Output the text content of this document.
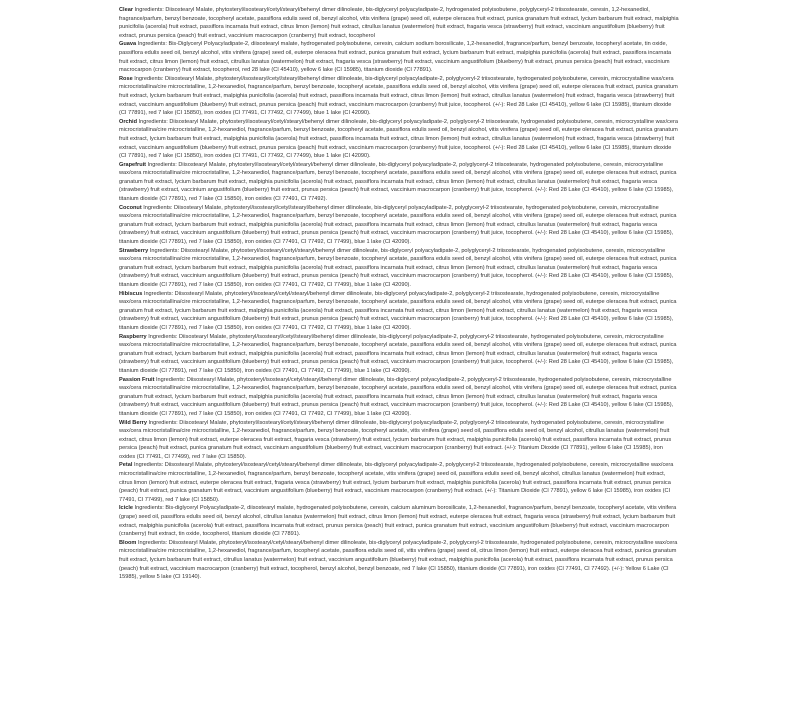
Clear Ingredients: Diisostearyl Malate, phytosteryl/isostearyl/cetyl/stearyl/behenyl dimer dilinoleate, bis-diglyceryl polyacyladipate-2, hydrogenated polyisobutene, polyglyceryl-2 triisostearate, ceresin, 1,2-hexanediol, fragrance/parfum, benzyl benzoate, tocopheryl acetate, passiflora edulis seed oil, benzyl alcohol, vitis vinifera (grape) seed oil, euterpe oleracea fruit extract, punica granatum fruit extract, lycium barbarum fruit extract, malpighia punicifolia (acerola) fruit extract, passiflora incarnata fruit extract, citrus limon (lemon) fruit extract, citrullus lanatus (watermelon) fruit extract, fragaria vesca (strawberry) fruit extract, vaccinium angustifolium (blueberry) fruit extract, prunus persica (peach) fruit extract, vaccinium macrocarpon (cranberry) fruit extract, tocopherol

Guava Ingredients: Bis-Diglyceryl Polyacyladipate-2, diisostearyl malate, hydrogenated polyisobutene, ceresin, calcium sodium borosilicate, 1,2-hexanediol, fragrance/parfum, benzyl benzoate, tocopheryl acetate, tin oxide, passiflora edulis seed oil, benzyl alcohol, vitis vinifera (grape) seed oil, euterpe oleracea fruit extract, punica granatum fruit extract, lycium barbarum fruit extract, malpighia punicifolia (acerola) fruit extract, passiflora incarnata fruit extract, citrus limon (lemon) fruit extract, citrullus lanatus (watermelon) fruit extract, fragaria vesca (strawberry) fruit extract, vaccinium angustifolium (blueberry) fruit extract, prunus persica (peach) fruit extract, vaccinium macrocarpon (cranberry) fruit extract, tocopherol, red 28 lake (CI 45410), yellow 6 lake (CI 15985), titanium dioxide (CI 77891).

Rose Ingredients: Diisostearyl Malate, phytosteryl/isostearyl/cetyl/stearyl/behenyl dimer dilinoleate, bis-diglyceryl polyacyladipate-2, polyglyceryl-2 triisostearate, hydrogenated polyisobutene, ceresin, microcrystalline wax/cera microcristallina/cire microcristalline, 1,2-hexanediol, fragrance/parfum, benzyl benzoate, tocopheryl acetate, passiflora edulis seed oil, benzyl alcohol, vitis vinifera (grape) seed oil, euterpe oleracea fruit extract, punica granatum fruit extract, lycium barbarum fruit extract, malpighia punicifolia (acerola) fruit extract, passiflora incarnata fruit extract, citrus limon (lemon) fruit extract, citrullus lanatus (watermelon) fruit extract, fragaria vesca (strawberry) fruit extract, vaccinium angustifolium (blueberry) fruit extract, prunus persica (peach) fruit extract, vaccinium macrocarpon (cranberry) fruit juice, tocopherol. (+/-): Red 28 Lake (CI 45410), yellow 6 lake (CI 15985), titanium dioxide (CI 77891), red 7 lake (CI 15850), iron oxides (CI 77491, CI 77492, CI 77499), blue 1 lake (CI 42090).

Orchid Ingredients: Diisostearyl Malate, phytosteryl/isostearyl/cetyl/stearyl/behenyl dimer dilinoleate, bis-diglyceryl polyacyladipate-2, polyglyceryl-2 triisostearate, hydrogenated polyisobutene, ceresin, microcrystalline wax/cera microcristallina/cire microcristalline, 1,2-hexanediol, fragrance/parfum, benzyl benzoate, tocopheryl acetate, passiflora edulis seed oil, benzyl alcohol, vitis vinifera (grape) seed oil, euterpe oleracea fruit extract, punica granatum fruit extract, lycium barbarum fruit extract, malpighia punicifolia (acerola) fruit extract, passiflora incarnata fruit extract, citrus limon (lemon) fruit extract, citrullus lanatus (watermelon) fruit extract, fragaria vesca (strawberry) fruit extract, vaccinium angustifolium (blueberry) fruit extract, prunus persica (peach) fruit extract, vaccinium macrocarpon (cranberry) fruit juice, tocopherol. (+/-): Red 28 Lake (CI 45410), yellow 6 lake (CI 15985), titanium dioxide (CI 77891), red 7 lake (CI 15850), iron oxides (CI 77491, CI 77492, CI 77499), blue 1 lake (CI 42090).

Grapefruit Ingredients: Diisostearyl Malate, phytosteryl/isostearyl/cetyl/stearyl/behenyl dimer dilinoleate, bis-diglyceryl polyacyladipate-2, polyglyceryl-2 triisostearate, hydrogenated polyisobutene, ceresin, microcrystalline wax/cera microcristallina/cire microcristalline, 1,2-hexanediol, fragrance/parfum, benzyl benzoate, tocopheryl acetate, passiflora edulis seed oil, benzyl alcohol, vitis vinifera (grape) seed oil, euterpe oleracea fruit extract, punica granatum fruit extract, lycium barbarum fruit extract, malpighia punicifolia (acerola) fruit extract, passiflora incarnata fruit extract, citrus limon (lemon) fruit extract, citrullus lanatus (watermelon) fruit extract, fragaria vesca (strawberry) fruit extract, vaccinium angustifolium (blueberry) fruit extract, prunus persica (peach) fruit extract, vaccinium macrocarpon (cranberry) fruit juice, tocopherol. (+/-): Red 28 Lake (CI 45410), yellow 6 lake (CI 15985), titanium dioxide (CI 77891), red 7 lake (CI 15850), iron oxides (CI 77491, CI 77492).

Coconut Ingredients: Diisostearyl Malate, phytosteryl/isostearyl/cetyl/stearyl/behenyl dimer dilinoleate, bis-diglyceryl polyacyladipate-2, polyglyceryl-2 triisostearate, hydrogenated polyisobutene, ceresin, microcrystalline wax/cera microcristallina/cire microcristalline, 1,2-hexanediol, fragrance/parfum, benzyl benzoate, tocopheryl acetate, passiflora edulis seed oil, benzyl alcohol, vitis vinifera (grape) seed oil, euterpe oleracea fruit extract, punica granatum fruit extract, lycium barbarum fruit extract, malpighia punicifolia (acerola) fruit extract, passiflora incarnata fruit extract, citrus limon (lemon) fruit extract, citrullus lanatus (watermelon) fruit extract, fragaria vesca (strawberry) fruit extract, vaccinium angustifolium (blueberry) fruit extract, prunus persica (peach) fruit extract, vaccinium macrocarpon (cranberry) fruit juice, tocopherol. (+/-): Red 28 Lake (CI 45410), yellow 6 lake (CI 15985), titanium dioxide (CI 77891), red 7 lake (CI 15850), iron oxides (CI 77491, CI 77492, CI 77499), blue 1 lake (CI 42090).

Strawberry Ingredients: Diisostearyl Malate, phytosteryl/isostearyl/cetyl/stearyl/behenyl dimer dilinoleate, bis-diglyceryl polyacyladipate-2, polyglyceryl-2 triisostearate, hydrogenated polyisobutene, ceresin, microcrystalline wax/cera microcristallina/cire microcristalline, 1,2-hexanediol, fragrance/parfum, benzyl benzoate, tocopheryl acetate, passiflora edulis seed oil, benzyl alcohol, vitis vinifera (grape) seed oil, euterpe oleracea fruit extract, punica granatum fruit extract, lycium barbarum fruit extract, malpighia punicifolia (acerola) fruit extract, passiflora incarnata fruit extract, citrus limon (lemon) fruit extract, citrullus lanatus (watermelon) fruit extract, fragaria vesca (strawberry) fruit extract, vaccinium angustifolium (blueberry) fruit extract, prunus persica (peach) fruit extract, vaccinium macrocarpon (cranberry) fruit juice, tocopherol. (+/-): Red 28 Lake (CI 45410), yellow 6 lake (CI 15985), titanium dioxide (CI 77891), red 7 lake (CI 15850), iron oxides (CI 77491, CI 77492, CI 77499), blue 1 lake (CI 42090).

Hibiscus Ingredients: Diisostearyl Malate, phytosteryl/isostearyl/cetyl/stearyl/behenyl dimer dilinoleate, bis-diglyceryl polyacyladipate-2, polyglyceryl-2 triisostearate, hydrogenated polyisobutene, ceresin, microcrystalline wax/cera microcristallina/cire microcristalline, 1,2-hexanediol, fragrance/parfum, benzyl benzoate, tocopheryl acetate, passiflora edulis seed oil, benzyl alcohol, vitis vinifera (grape) seed oil, euterpe oleracea fruit extract, punica granatum fruit extract, lycium barbarum fruit extract, malpighia punicifolia (acerola) fruit extract, passiflora incarnata fruit extract, citrus limon (lemon) fruit extract, citrullus lanatus (watermelon) fruit extract, fragaria vesca (strawberry) fruit extract, vaccinium angustifolium (blueberry) fruit extract, prunus persica (peach) fruit extract, vaccinium macrocarpon (cranberry) fruit juice, tocopherol. (+/-): Red 28 Lake (CI 45410), yellow 6 lake (CI 15985), titanium dioxide (CI 77891), red 7 lake (CI 15850), iron oxides (CI 77491, CI 77492, CI 77499), blue 1 lake (CI 42090).

Raspberry Ingredients: Diisostearyl Malate, phytosteryl/isostearyl/cetyl/stearyl/behenyl dimer dilinoleate, bis-diglyceryl polyacyladipate-2, polyglyceryl-2 triisostearate, hydrogenated polyisobutene, ceresin, microcrystalline wax/cera microcristallina/cire microcristalline, 1,2-hexanediol, fragrance/parfum, benzyl benzoate, tocopheryl acetate, passiflora edulis seed oil, benzyl alcohol, vitis vinifera (grape) seed oil, euterpe oleracea fruit extract, punica granatum fruit extract, lycium barbarum fruit extract, malpighia punicifolia (acerola) fruit extract, passiflora incarnata fruit extract, citrus limon (lemon) fruit extract, citrullus lanatus (watermelon) fruit extract, fragaria vesca (strawberry) fruit extract, vaccinium angustifolium (blueberry) fruit extract, prunus persica (peach) fruit extract, vaccinium macrocarpon (cranberry) fruit juice, tocopherol. (+/-): Red 28 Lake (CI 45410), yellow 6 lake (CI 15985), titanium dioxide (CI 77891), red 7 lake (CI 15850), iron oxides (CI 77491, CI 77492, CI 77499), blue 1 lake (CI 42090).

Passion Fruit Ingredients: Diisostearyl Malate, phytosteryl/isostearyl/cetyl/stearyl/behenyl dimer dilinoleate, bis-diglyceryl polyacyladipate-2, polyglyceryl-2 triisostearate, hydrogenated polyisobutene, ceresin, microcrystalline wax/cera microcristallina/cire microcristalline, 1,2-hexanediol, fragrance/parfum, benzyl benzoate, tocopheryl acetate, passiflora edulis seed oil, benzyl alcohol, vitis vinifera (grape) seed oil, euterpe oleracea fruit extract, punica granatum fruit extract, lycium barbarum fruit extract, malpighia punicifolia (acerola) fruit extract, passiflora incarnata fruit extract, citrus limon (lemon) fruit extract, citrullus lanatus (watermelon) fruit extract, fragaria vesca (strawberry) fruit extract, vaccinium angustifolium (blueberry) fruit extract, prunus persica (peach) fruit extract, vaccinium macrocarpon (cranberry) fruit juice, tocopherol. (+/-): Red 28 Lake (CI 45410), yellow 6 lake (CI 15985), titanium dioxide (CI 77891), red 7 lake (CI 15850), iron oxides (CI 77491, CI 77492, CI 77499), blue 1 lake (CI 42090).

Wild Berry Ingredients: Diisostearyl Malate, phytosteryl/isostearyl/cetyl/stearyl/behenyl dimer dilinoleate, bis-diglyceryl polyacyladipate-2, polyglyceryl-2 triisostearate, hydrogenated polyisobutene, ceresin, microcrystalline wax/cera microcristallina/cire microcristalline, 1,2-hexanediol, fragrance/parfum, benzyl benzoate, tocopheryl acetate, vitis vinifera (grape) seed oil, passiflora edulis seed oil, benzyl alcohol, citrullus lanatus (watermelon) fruit extract, citrus limon (lemon) fruit extract, euterpe oleracea fruit extract, fragaria vesca (strawberry) fruit extract, lycium barbarum fruit extract, malpighia punicifolia (acerola) fruit extract, passiflora incarnata fruit extract, prunus persica (peach) fruit extract, punica granatum fruit extract, vaccinium angustifolium (blueberry) fruit extract, vaccinium macrocarpon (cranberry) fruit extract. (+/-): Titanium Dioxide (CI 77891), yellow 6 lake (CI 15985), iron oxides (CI 77491, CI 77499), red 7 lake (CI 15850).

Petal Ingredients: Diisostearyl Malate, phytosteryl/isostearyl/cetyl/stearyl/behenyl dimer dilinoleate, bis-diglyceryl polyacyladipate-2, polyglyceryl-2 triisostearate, hydrogenated polyisobutene, ceresin, microcrystalline wax/cera microcristallina/cire microcristalline, 1,2-hexanediol, fragrance/parfum, benzyl benzoate, tocopheryl acetate, vitis vinifera (grape) seed oil, passiflora edulis seed oil, benzyl alcohol, citrullus lanatus (watermelon) fruit extract, citrus limon (lemon) fruit extract, euterpe oleracea fruit extract, fragaria vesca (strawberry) fruit extract, lycium barbarum fruit extract, malpighia punicifolia (acerola) fruit extract, passiflora incarnata fruit extract, prunus persica (peach) fruit extract, punica granatum fruit extract, vaccinium angustifolium (blueberry) fruit extract, vaccinium macrocarpon (cranberry) fruit extract. (+/-): Titanium Dioxide (CI 77891), yellow 6 lake (CI 15985), iron oxides (CI 77491, CI 77499), red 7 lake (CI 15850).

Icicle Ingredients: Bis-diglyceryl Polyacyladipate-2, diisostearyl malate, hydrogenated polyisobutene, ceresin, calcium aluminum borosilicate, 1,2-hexanediol, fragrance/parfum, benzyl benzoate, tocopheryl acetate, vitis vinifera (grape) seed oil, passiflora edulis seed oil, benzyl alcohol, citrullus lanatus (watermelon) fruit extract, citrus limon (lemon) fruit extract, euterpe oleracea fruit extract, fragaria vesca (strawberry) fruit extract, lycium barbarum fruit extract, malpighia punicifolia (acerola) fruit extract, passiflora incarnata fruit extract, prunus persica (peach) fruit extract, punica granatum fruit extract, vaccinium angustifolium (blueberry) fruit extract, vaccinium macrocarpon (cranberry) fruit extract, tin oxide, tocopherol, titanium dioxide (CI 77891).

Bloom Ingredients: Diisostearyl Malate, phytosteryl/isostearyl/cetyl/stearyl/behenyl dimer dilinoleate, bis-diglyceryl polyacyladipate-2, polyglyceryl-2 triisostearate, hydrogenated polyisobutene, ceresin, microcrystalline wax/cera microcristallina/cire microcristalline, 1,2-hexanediol, fragrance/parfum, tocopheryl acetate, passiflora edulis seed oil, vitis vinifera (grape) seed oil, citrus limon (lemon) fruit extract, euterpe oleracea fruit extract, punica granatum fruit extract, lycium barbarum fruit extract, citrullus lanatus (watermelon) fruit extract, vaccinium angustifolium (blueberry) fruit extract, malpighia punicifolia (acerola) fruit extract, passiflora incarnata fruit extract, prunus persica (peach) fruit extract, vaccinium macrocarpon (cranberry) fruit extract, tocopherol, benzyl alcohol, benzyl benzoate, red 7 lake (CI 15850), titanium dioxide (CI 77891), iron oxides (CI 77491, CI 77492). (+/-): Yellow 6 Lake (CI 15985), yellow 5 lake (CI 19140).
